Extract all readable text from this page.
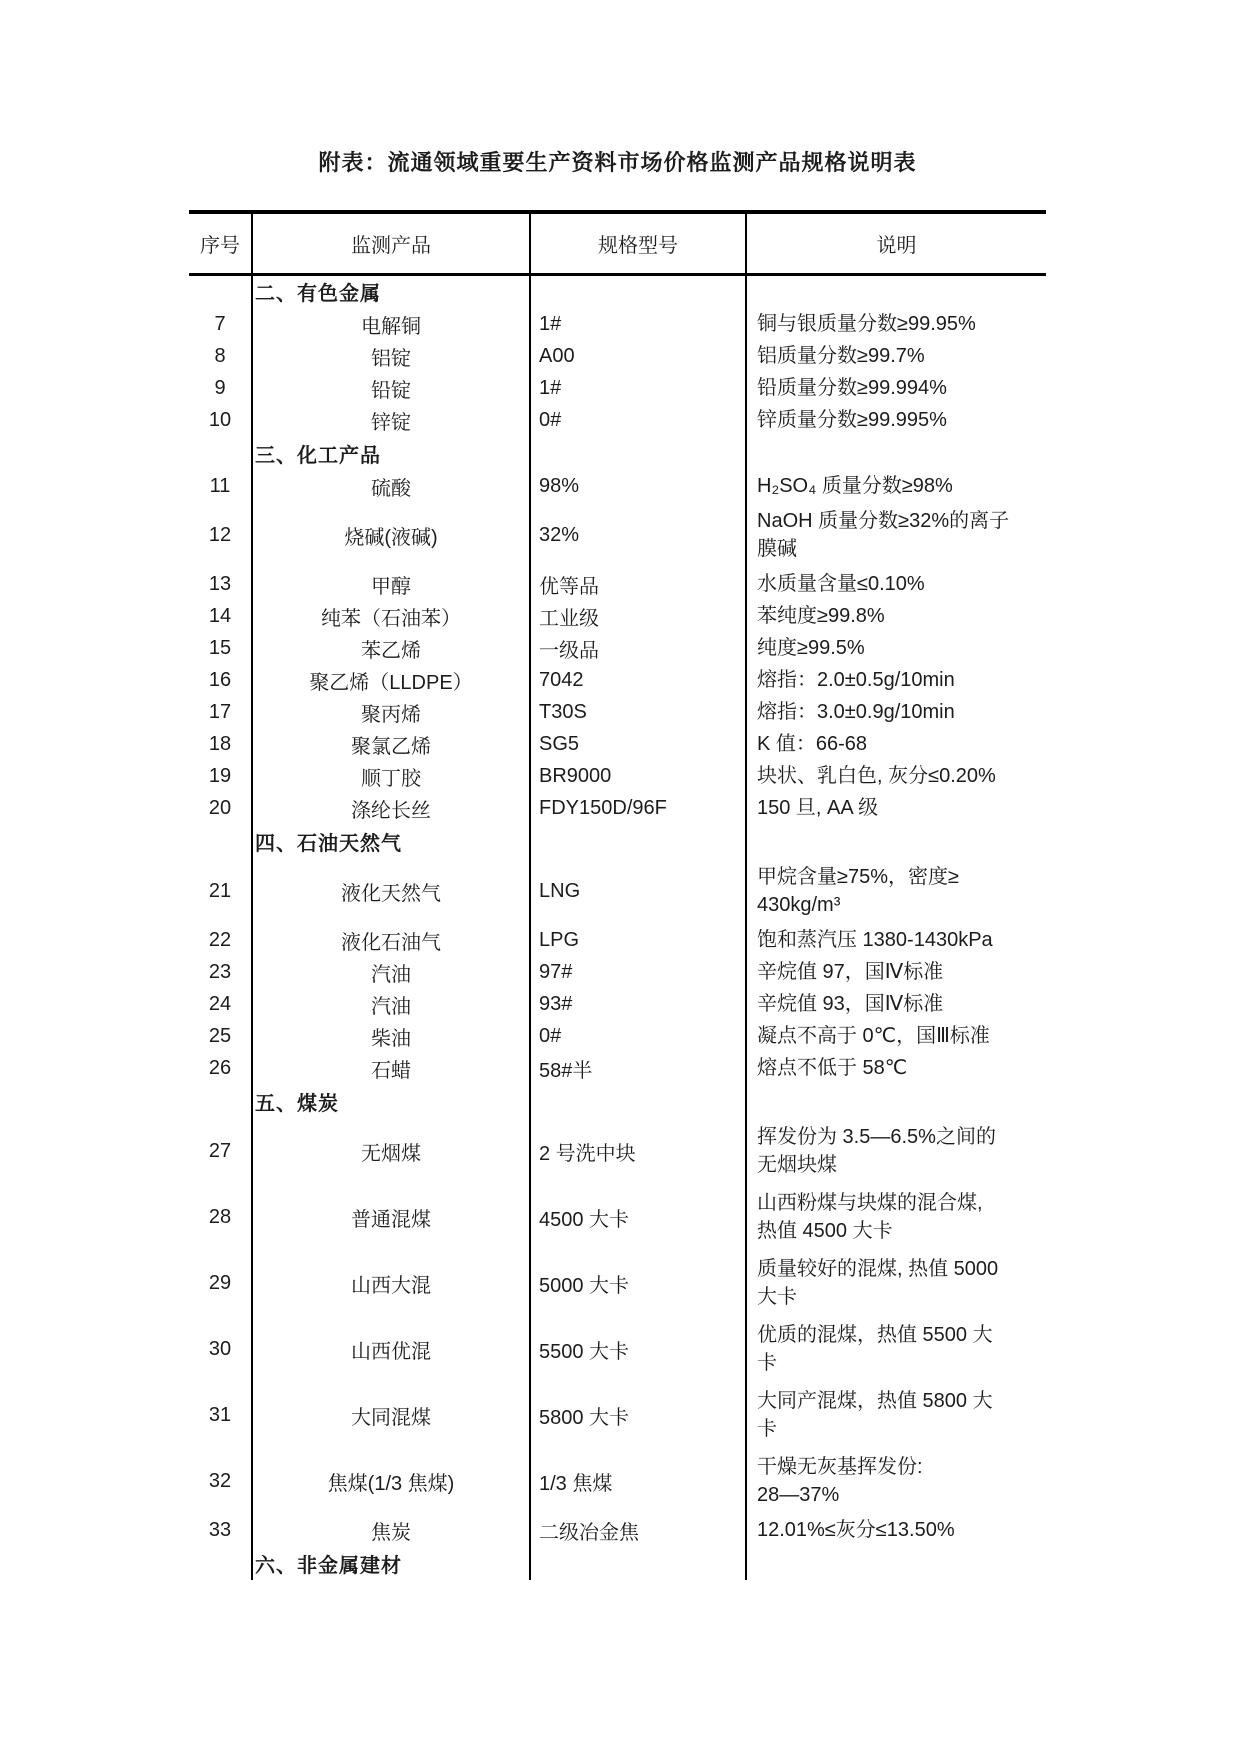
附表：流通领域重要生产资料市场价格监测产品规格说明表
序号	监测产品	规格型号	说明
	二、有色金属		
7	电解铜	1#	铜与银质量分数≥99.95%

8	铝锭	A00	铝质量分数≥99.7%

9	铅锭	1#	铅质量分数≥99.994%

10	锌锭	0#	锌质量分数≥99.995%

	三、化工产品		
11	硫酸	98%	H₂SO₄ 质量分数≥98%

12	烧碱(液碱)	32%	NaOH 质量分数≥32%的离子
膜碱

13	甲醇	优等品	水质量含量≤0.10%

14	纯苯（石油苯）	工业级	苯纯度≥99.8%

15	苯乙烯	一级品	纯度≥99.5%

16	聚乙烯（LLDPE）	7042	熔指：2.0±0.5g/10min

17	聚丙烯	T30S	熔指：3.0±0.9g/10min

18	聚氯乙烯	SG5	K 值：66-68

19	顺丁胶	BR9000	块状、乳白色, 灰分≤0.20%

20	涤纶长丝	FDY150D/96F	150 旦, AA 级

	四、石油天然气		
21	液化天然气	LNG	甲烷含量≥75%，密度≥
430kg/m³

22	液化石油气	LPG	饱和蒸汽压 1380-1430kPa

23	汽油	97#	辛烷值 97，国Ⅳ标准

24	汽油	93#	辛烷值 93，国Ⅳ标准

25	柴油	0#	凝点不高于 0℃，国Ⅲ标准

26	石蜡	58#半	熔点不低于 58℃

	五、煤炭		
27	无烟煤	2 号洗中块	挥发份为 3.5—6.5%之间的
无烟块煤

28	普通混煤	4500 大卡	山西粉煤与块煤的混合煤,
热值 4500 大卡

29	山西大混	5000 大卡	质量较好的混煤, 热值 5000
大卡

30	山西优混	5500 大卡	优质的混煤，热值 5500 大
卡

31	大同混煤	5800 大卡	大同产混煤，热值 5800 大
卡

32	焦煤(1/3 焦煤)	1/3 焦煤	干燥无灰基挥发份:
28—37%

33	焦炭	二级冶金焦	12.01%≤灰分≤13.50%

	六、非金属建材		
